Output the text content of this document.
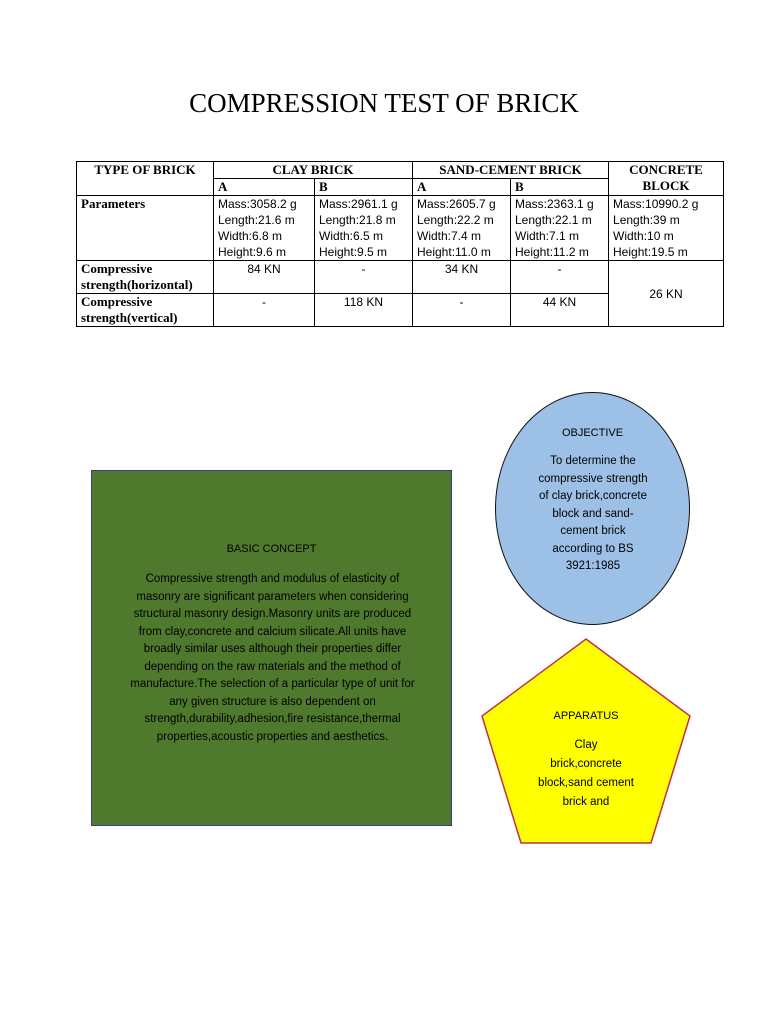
COMPRESSION TEST OF BRICK
TYPE OF BRICK	CLAY BRICK		SAND-CEMENT BRICK		CONCRETE BLOCK
	A	B	A	B	
Parameters	Mass:3058.2 g
Length:21.6 m
Width:6.8 m
Height:9.6 m	Mass:2961.1 g
Length:21.8 m
Width:6.5 m
Height:9.5 m	Mass:2605.7 g
Length:22.2 m
Width:7.4 m
Height:11.0 m	Mass:2363.1 g
Length:22.1 m
Width:7.1 m
Height:11.2 m	Mass:10990.2 g
Length:39 m
Width:10 m
Height:19.5 m

Compressive
strength(horizontal)	84 KN	-	34 KN	-	26 KN

Compressive
strength(vertical)	-	118 KN	-	44 KN	
BASIC CONCEPT
Compressive strength and modulus of elasticity of
masonry are significant parameters when considering
structural masonry design.Masonry units are produced
from clay,concrete and calcium silicate.All units have
broadly similar uses although their properties differ
depending on the raw materials and the method of
manufacture.The selection of a particular type of unit for
any given structure is also dependent on
strength,durability,adhesion,fire resistance,thermal
properties,acoustic properties and aesthetics.
OBJECTIVE
To determine the
compressive strength
of clay brick,concrete
block and sand-
cement brick
according to BS
3921:1985
APPARATUS
Clay
brick,concrete
block,sand cement
brick and
